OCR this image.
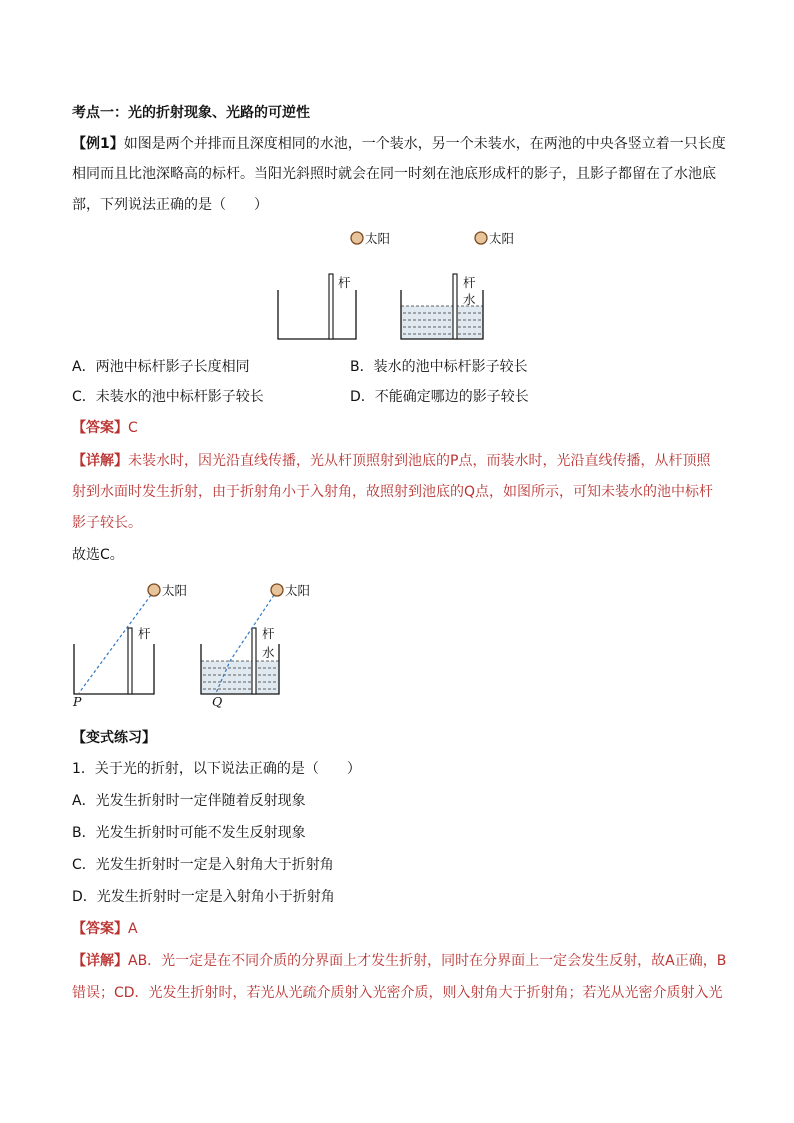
考点一：光的折射现象、光路的可逆性
【例1】如图是两个并排而且深度相同的水池，一个装水，另一个未装水，在两池的中央各竖立着一只长度
相同而且比池深略高的标杆。当阳光斜照时就会在同一时刻在池底形成杆的影子，且影子都留在了水池底
部，下列说法正确的是（　　）
太阳	太阳
杆	杆
水
A．两池中标杆影子长度相同	B．装水的池中标杆影子较长
C．未装水的池中标杆影子较长	D．不能确定哪边的影子较长
【答案】C
【详解】未装水时，因光沿直线传播，光从杆顶照射到池底的P点，而装水时，光沿直线传播，从杆顶照
射到水面时发生折射，由于折射角小于入射角，故照射到池底的Q点，如图所示，可知未装水的池中标杆
影子较长。
故选C。
杆
太阳
P
杆
水
太阳
Q
【变式练习】
1．关于光的折射，以下说法正确的是（　　）
A．光发生折射时一定伴随着反射现象
B．光发生折射时可能不发生反射现象
C．光发生折射时一定是入射角大于折射角
D．光发生折射时一定是入射角小于折射角
【答案】A
【详解】AB．光一定是在不同介质的分界面上才发生折射，同时在分界面上一定会发生反射，故A正确，B
错误；CD．光发生折射时，若光从光疏介质射入光密介质，则入射角大于折射角；若光从光密介质射入光
